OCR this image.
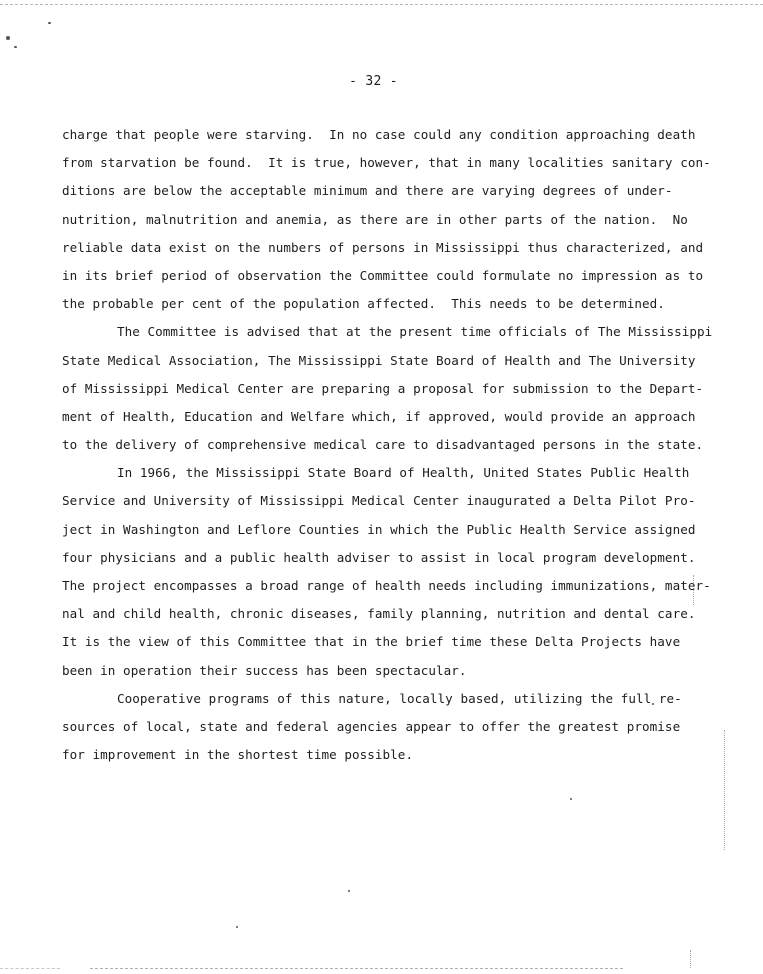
- 32 -
charge that people were starving.  In no case could any condition approaching death
from starvation be found.  It is true, however, that in many localities sanitary con-
ditions are below the acceptable minimum and there are varying degrees of under-
nutrition, malnutrition and anemia, as there are in other parts of the nation.  No
reliable data exist on the numbers of persons in Mississippi thus characterized, and
in its brief period of observation the Committee could formulate no impression as to
the probable per cent of the population affected.  This needs to be determined.
The Committee is advised that at the present time officials of The Mississippi
State Medical Association, The Mississippi State Board of Health and The University
of Mississippi Medical Center are preparing a proposal for submission to the Depart-
ment of Health, Education and Welfare which, if approved, would provide an approach
to the delivery of comprehensive medical care to disadvantaged persons in the state.
In 1966, the Mississippi State Board of Health, United States Public Health
Service and University of Mississippi Medical Center inaugurated a Delta Pilot Pro-
ject in Washington and Leflore Counties in which the Public Health Service assigned
four physicians and a public health adviser to assist in local program development.
The project encompasses a broad range of health needs including immunizations, mater-
nal and child health, chronic diseases, family planning, nutrition and dental care.
It is the view of this Committee that in the brief time these Delta Projects have
been in operation their success has been spectacular.
Cooperative programs of this nature, locally based, utilizing the full re-
sources of local, state and federal agencies appear to offer the greatest promise
for improvement in the shortest time possible.
